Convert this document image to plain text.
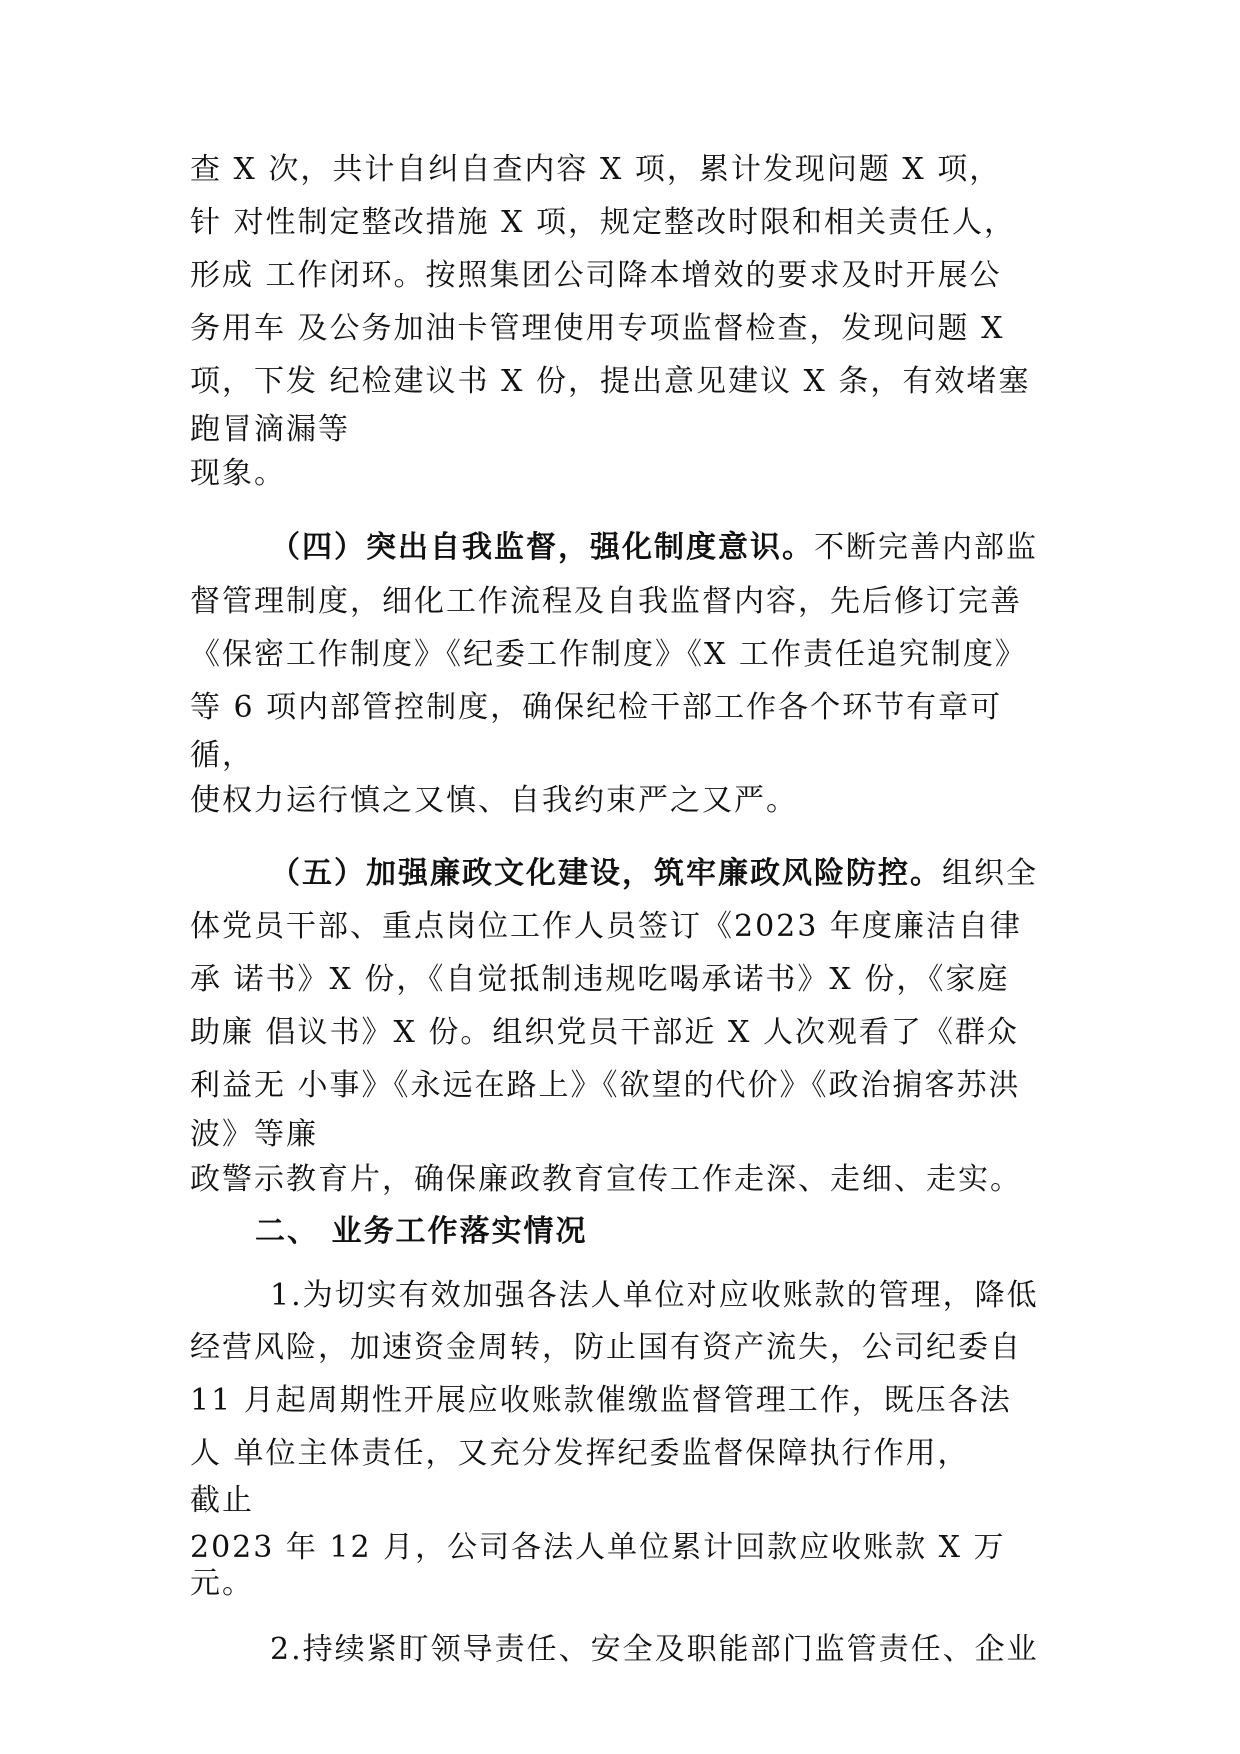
查 X 次，共计自纠自查内容 X 项，累计发现问题 X 项，
针 对性制定整改措施 X 项，规定整改时限和相关责任人，
形成 工作闭环。按照集团公司降本增效的要求及时开展公
务用车 及公务加油卡管理使用专项监督检查，发现问题 X
项，下发 纪检建议书 X 份，提出意见建议 X 条，有效堵塞
跑冒滴漏等
现象。
（四）突出自我监督，强化制度意识。不断完善内部监
督管理制度，细化工作流程及自我监督内容，先后修订完善
《保密工作制度》《纪委工作制度》《X 工作责任追究制度》
等 6 项内部管控制度，确保纪检干部工作各个环节有章可
循，
使权力运行慎之又慎、自我约束严之又严。
（五）加强廉政文化建设，筑牢廉政风险防控。组织全
体党员干部、重点岗位工作人员签订《2023 年度廉洁自律
承 诺书》X 份，《自觉抵制违规吃喝承诺书》X 份，《家庭
助廉 倡议书》X 份。组织党员干部近 X 人次观看了《群众
利益无 小事》《永远在路上》《欲望的代价》《政治掮客苏洪
波》等廉
政警示教育片，确保廉政教育宣传工作走深、走细、走实。
二、 业务工作落实情况
1.为切实有效加强各法人单位对应收账款的管理，降低
经营风险，加速资金周转，防止国有资产流失，公司纪委自
11 月起周期性开展应收账款催缴监督管理工作，既压各法
人 单位主体责任，又充分发挥纪委监督保障执行作用，
截止
2023 年 12 月，公司各法人单位累计回款应收账款 X 万
元。
2.持续紧盯领导责任、安全及职能部门监管责任、企业
